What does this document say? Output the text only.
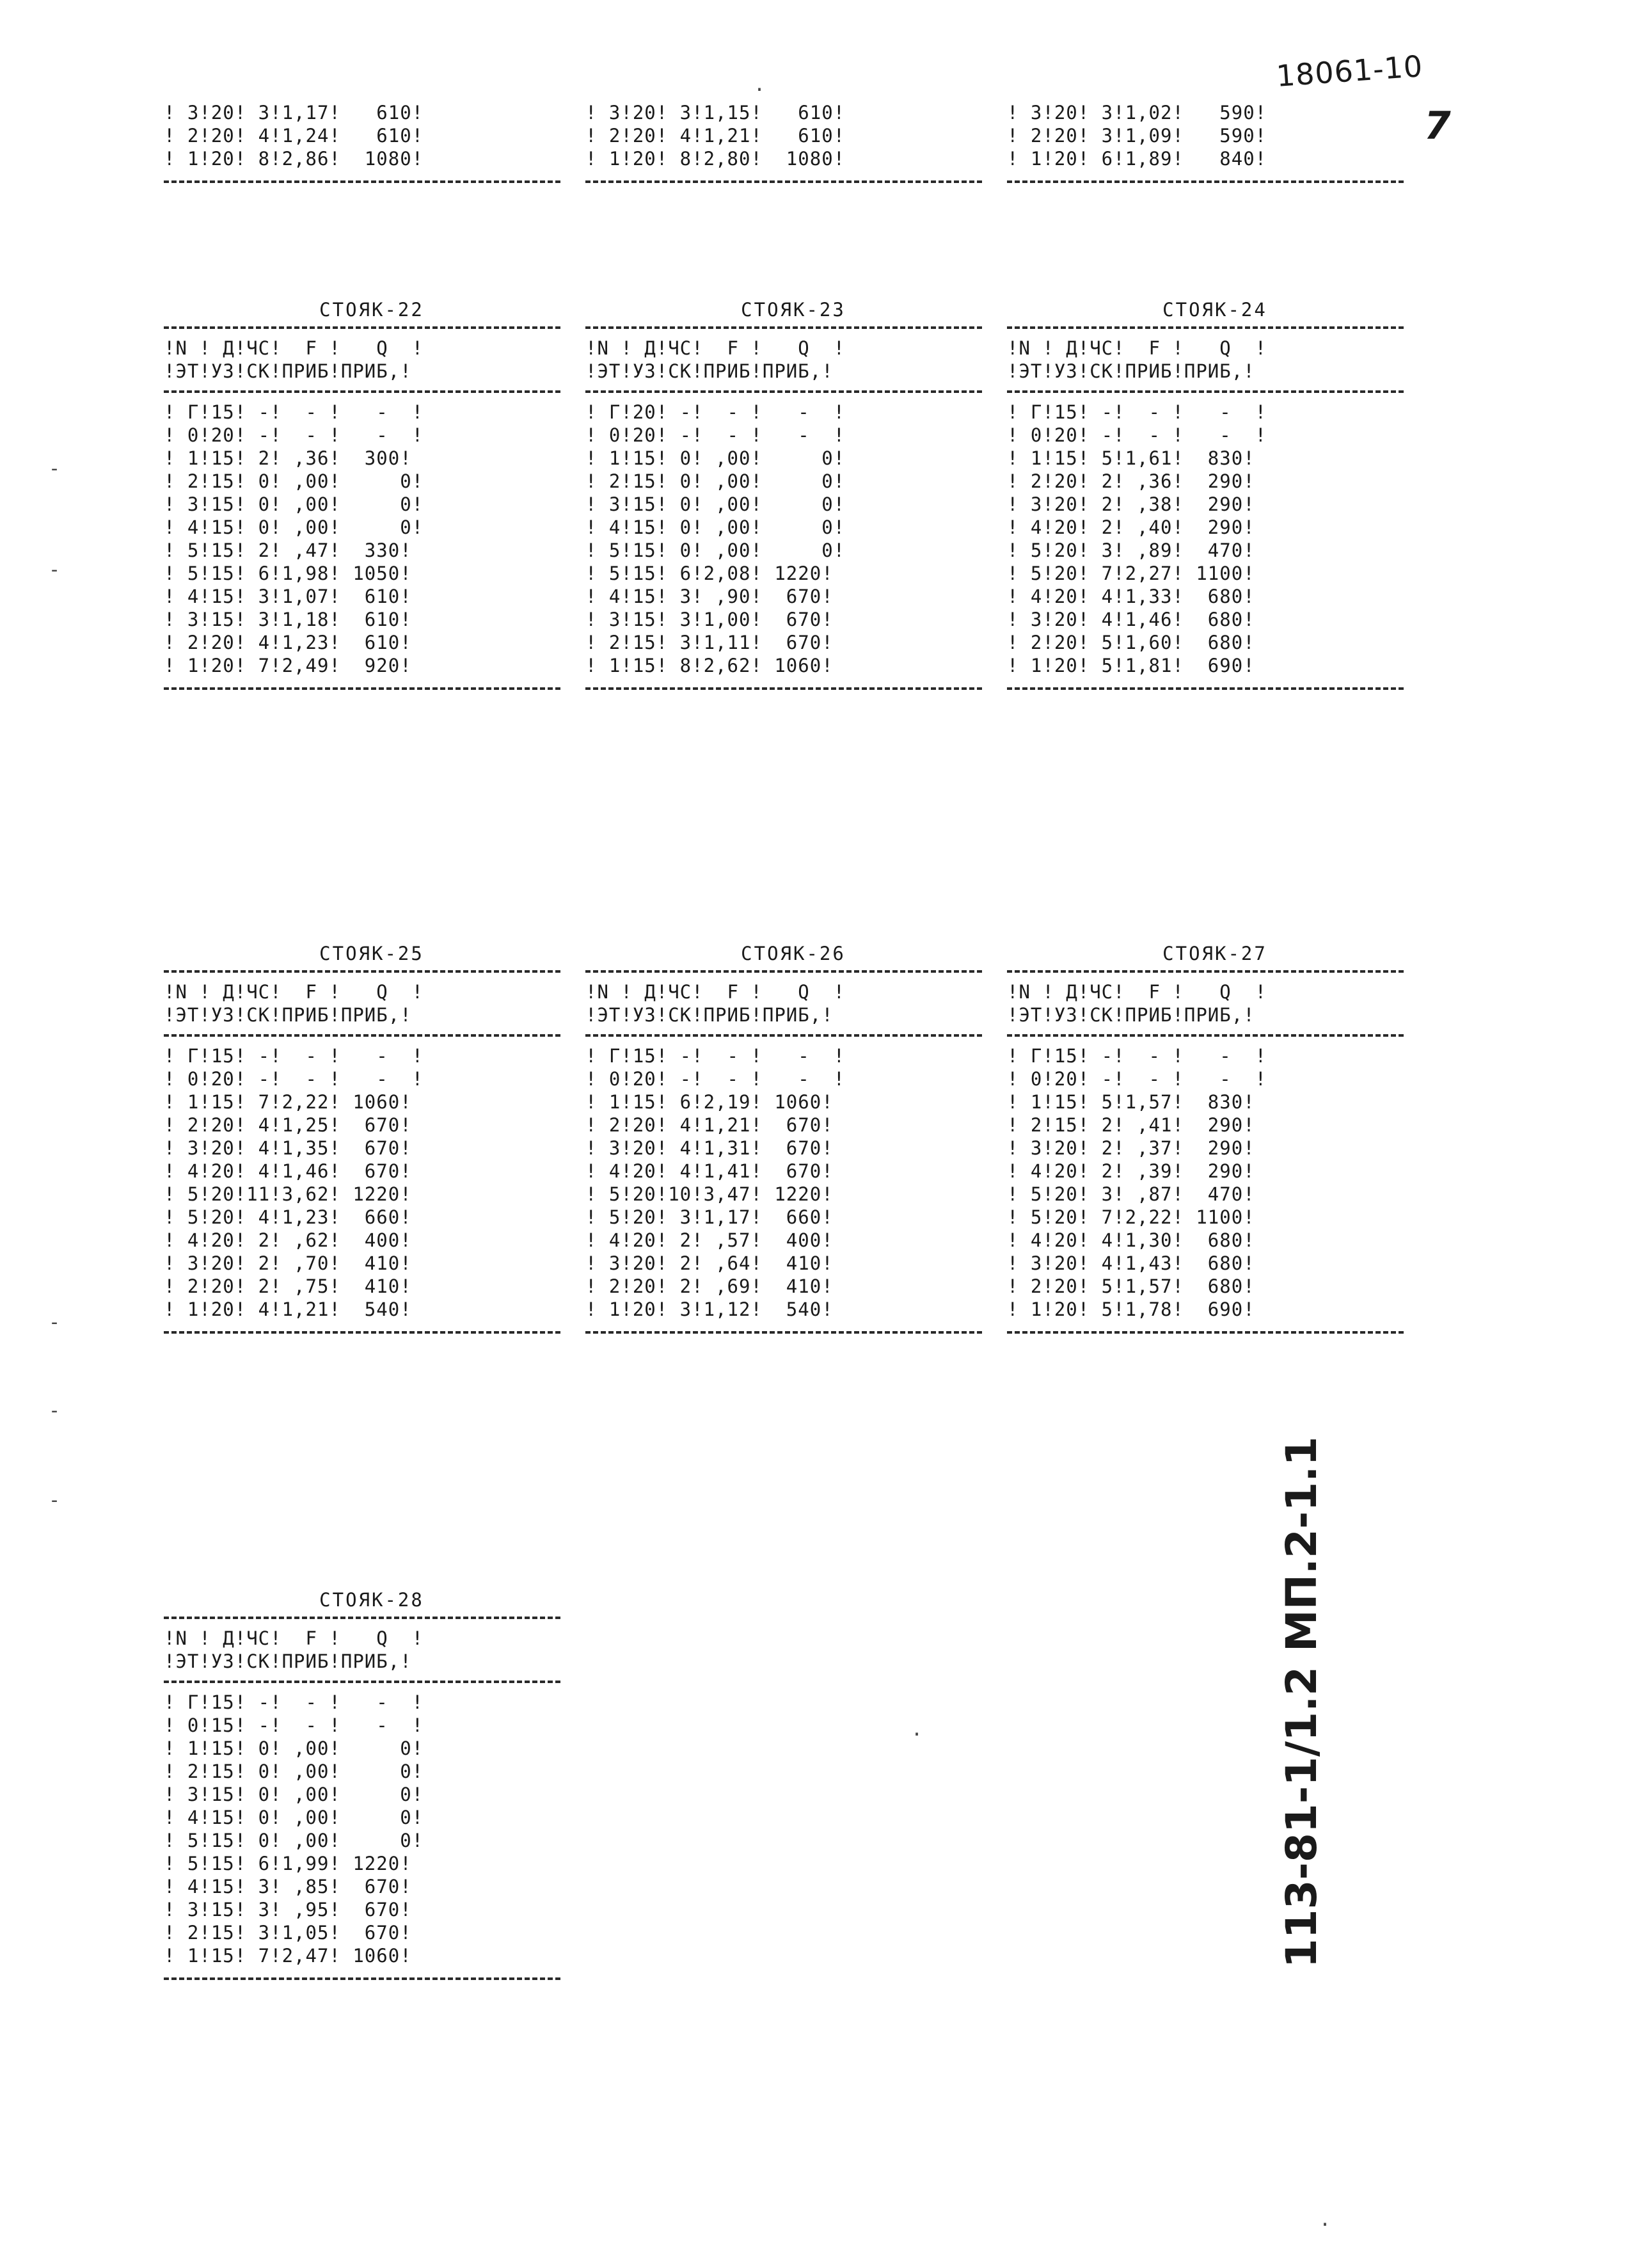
18061-10
7
113-81-1/1.2 МП.2-1.1
-
-
-
-
-
.
.
.
! 3!20! 3!1,17!   610!
! 2!20! 4!1,24!   610!
! 1!20! 8!2,86!  1080!
! 3!20! 3!1,15!   610!
! 2!20! 4!1,21!   610!
! 1!20! 8!2,80!  1080!
! 3!20! 3!1,02!   590!
! 2!20! 3!1,09!   590!
! 1!20! 6!1,89!   840!
СТОЯК-22
!N ! Д!ЧС!  F !   Q  !
!ЭТ!УЗ!СК!ПРИБ!ПРИБ,!
! Г!15! -!  - !   -  !
! 0!20! -!  - !   -  !
! 1!15! 2! ,36!  300!
! 2!15! 0! ,00!     0!
! 3!15! 0! ,00!     0!
! 4!15! 0! ,00!     0!
! 5!15! 2! ,47!  330!
! 5!15! 6!1,98! 1050!
! 4!15! 3!1,07!  610!
! 3!15! 3!1,18!  610!
! 2!20! 4!1,23!  610!
! 1!20! 7!2,49!  920!
СТОЯК-23
!N ! Д!ЧС!  F !   Q  !
!ЭТ!УЗ!СК!ПРИБ!ПРИБ,!
! Г!20! -!  - !   -  !
! 0!20! -!  - !   -  !
! 1!15! 0! ,00!     0!
! 2!15! 0! ,00!     0!
! 3!15! 0! ,00!     0!
! 4!15! 0! ,00!     0!
! 5!15! 0! ,00!     0!
! 5!15! 6!2,08! 1220!
! 4!15! 3! ,90!  670!
! 3!15! 3!1,00!  670!
! 2!15! 3!1,11!  670!
! 1!15! 8!2,62! 1060!
СТОЯК-24
!N ! Д!ЧС!  F !   Q  !
!ЭТ!УЗ!СК!ПРИБ!ПРИБ,!
! Г!15! -!  - !   -  !
! 0!20! -!  - !   -  !
! 1!15! 5!1,61!  830!
! 2!20! 2! ,36!  290!
! 3!20! 2! ,38!  290!
! 4!20! 2! ,40!  290!
! 5!20! 3! ,89!  470!
! 5!20! 7!2,27! 1100!
! 4!20! 4!1,33!  680!
! 3!20! 4!1,46!  680!
! 2!20! 5!1,60!  680!
! 1!20! 5!1,81!  690!
СТОЯК-25
!N ! Д!ЧС!  F !   Q  !
!ЭТ!УЗ!СК!ПРИБ!ПРИБ,!
! Г!15! -!  - !   -  !
! 0!20! -!  - !   -  !
! 1!15! 7!2,22! 1060!
! 2!20! 4!1,25!  670!
! 3!20! 4!1,35!  670!
! 4!20! 4!1,46!  670!
! 5!20!11!3,62! 1220!
! 5!20! 4!1,23!  660!
! 4!20! 2! ,62!  400!
! 3!20! 2! ,70!  410!
! 2!20! 2! ,75!  410!
! 1!20! 4!1,21!  540!
СТОЯК-26
!N ! Д!ЧС!  F !   Q  !
!ЭТ!УЗ!СК!ПРИБ!ПРИБ,!
! Г!15! -!  - !   -  !
! 0!20! -!  - !   -  !
! 1!15! 6!2,19! 1060!
! 2!20! 4!1,21!  670!
! 3!20! 4!1,31!  670!
! 4!20! 4!1,41!  670!
! 5!20!10!3,47! 1220!
! 5!20! 3!1,17!  660!
! 4!20! 2! ,57!  400!
! 3!20! 2! ,64!  410!
! 2!20! 2! ,69!  410!
! 1!20! 3!1,12!  540!
СТОЯК-27
!N ! Д!ЧС!  F !   Q  !
!ЭТ!УЗ!СК!ПРИБ!ПРИБ,!
! Г!15! -!  - !   -  !
! 0!20! -!  - !   -  !
! 1!15! 5!1,57!  830!
! 2!15! 2! ,41!  290!
! 3!20! 2! ,37!  290!
! 4!20! 2! ,39!  290!
! 5!20! 3! ,87!  470!
! 5!20! 7!2,22! 1100!
! 4!20! 4!1,30!  680!
! 3!20! 4!1,43!  680!
! 2!20! 5!1,57!  680!
! 1!20! 5!1,78!  690!
СТОЯК-28
!N ! Д!ЧС!  F !   Q  !
!ЭТ!УЗ!СК!ПРИБ!ПРИБ,!
! Г!15! -!  - !   -  !
! 0!15! -!  - !   -  !
! 1!15! 0! ,00!     0!
! 2!15! 0! ,00!     0!
! 3!15! 0! ,00!     0!
! 4!15! 0! ,00!     0!
! 5!15! 0! ,00!     0!
! 5!15! 6!1,99! 1220!
! 4!15! 3! ,85!  670!
! 3!15! 3! ,95!  670!
! 2!15! 3!1,05!  670!
! 1!15! 7!2,47! 1060!
